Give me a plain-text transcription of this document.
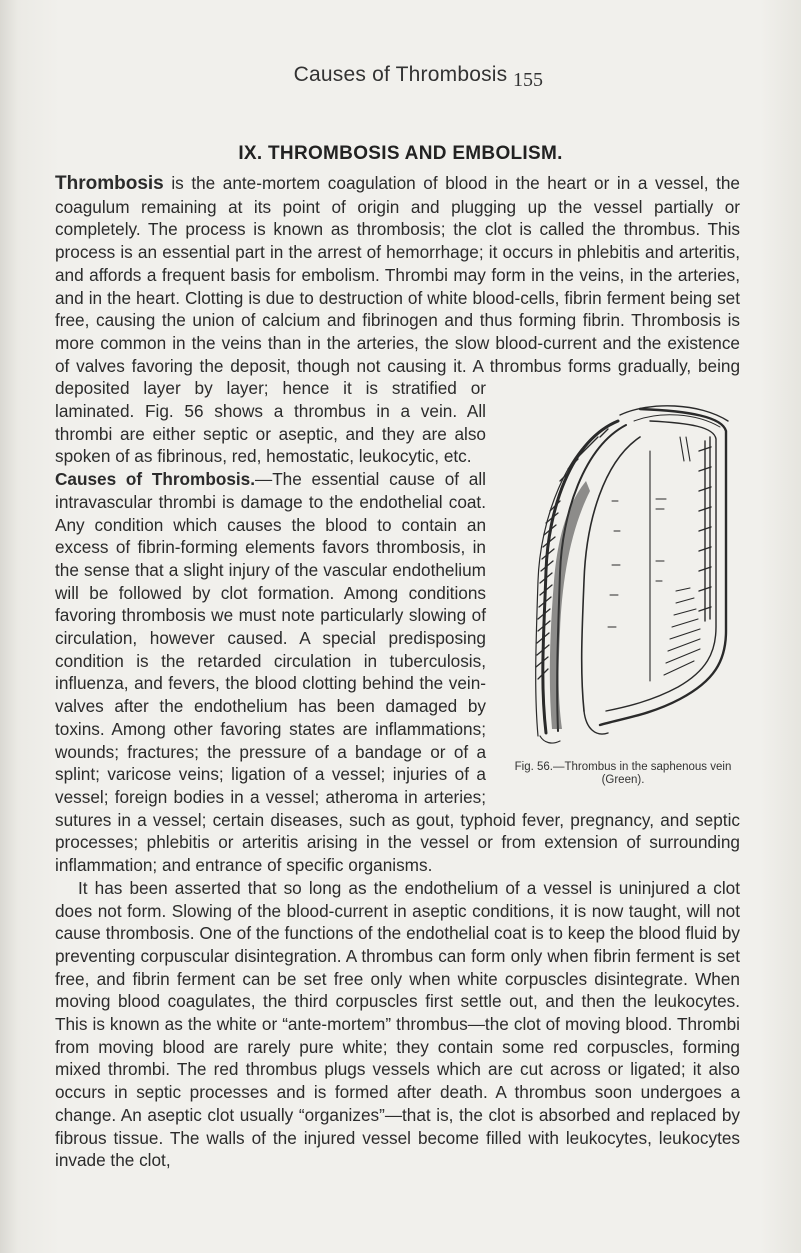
Causes of Thrombosis 155
IX. THROMBOSIS AND EMBOLISM.
Fig. 56.—Thrombus in the saphenous vein (Green).

Thrombosis is the ante-mortem coagulation of blood in the heart or in a vessel, the coagulum remaining at its point of origin and plugging up the vessel partially or completely. The process is known as thrombosis; the clot is called the thrombus. This process is an essential part in the arrest of hemorrhage; it occurs in phlebitis and arteritis, and affords a frequent basis for embolism. Thrombi may form in the veins, in the arteries, and in the heart. Clotting is due to destruction of white blood-cells, fibrin ferment being set free, causing the union of calcium and fibrinogen and thus forming fibrin. Thrombosis is more common in the veins than in the arteries, the slow blood-current and the existence of valves favoring the deposit, though not causing it. A thrombus forms gradually, being deposited layer by layer; hence it is stratified or laminated. Fig. 56 shows a thrombus in a vein. All thrombi are either septic or aseptic, and they are also spoken of as fibrinous, red, hemostatic, leukocytic, etc.

Causes of Thrombosis.—The essential cause of all intravascular thrombi is damage to the endothelial coat. Any condition which causes the blood to contain an excess of fibrin-forming elements favors thrombosis, in the sense that a slight injury of the vascular endothelium will be followed by clot formation. Among conditions favoring thrombosis we must note particularly slowing of circulation, however caused. A special predisposing condition is the retarded circulation in tuberculosis, influenza, and fevers, the blood clotting behind the vein-valves after the endothelium has been damaged by toxins. Among other favoring states are inflammations; wounds; fractures; the pressure of a bandage or of a splint; varicose veins; ligation of a vessel; injuries of a vessel; foreign bodies in a vessel; atheroma in arteries; sutures in a vessel; certain diseases, such as gout, typhoid fever, pregnancy, and septic processes; phlebitis or arteritis arising in the vessel or from extension of surrounding inflammation; and entrance of specific organisms.

It has been asserted that so long as the endothelium of a vessel is uninjured a clot does not form. Slowing of the blood-current in aseptic conditions, it is now taught, will not cause thrombosis. One of the functions of the endothelial coat is to keep the blood fluid by preventing corpuscular disintegration. A thrombus can form only when fibrin ferment is set free, and fibrin ferment can be set free only when white corpuscles disintegrate. When moving blood coagulates, the third corpuscles first settle out, and then the leukocytes. This is known as the white or “ante-mortem” thrombus—the clot of moving blood. Thrombi from moving blood are rarely pure white; they contain some red corpuscles, forming mixed thrombi. The red thrombus plugs vessels which are cut across or ligated; it also occurs in septic processes and is formed after death. A thrombus soon undergoes a change. An aseptic clot usually “organizes”—that is, the clot is absorbed and replaced by fibrous tissue. The walls of the injured vessel become filled with leukocytes, leukocytes invade the clot,
